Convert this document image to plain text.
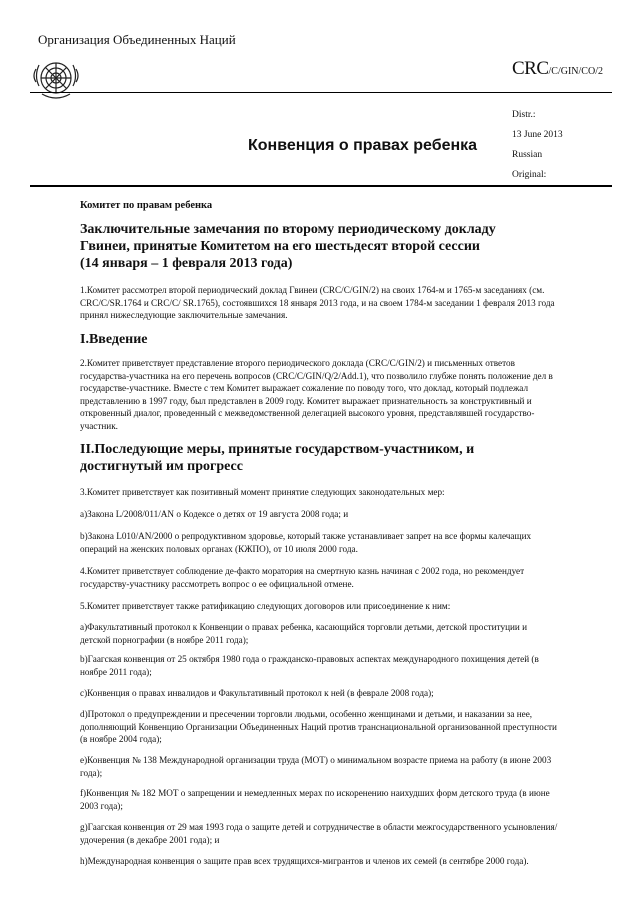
Организация Объединенных Наций
CRC/C/GIN/CO/2
Distr.:
13 June 2013
Russian
Original:
Конвенция о правах ребенка
Комитет по правам ребенка
Заключительные замечания по второму периодическому докладу
Гвинеи, принятые Комитетом на его шестьдесят второй сессии
(14 января – 1 февраля 2013 года)

1.Комитет рассмотрел второй периодический доклад Гвинеи (CRC/C/GIN/2) на своих 1764-м и 1765-м заседаниях (см. CRC/C/SR.1764 и CRC/C/ SR.1765), состоявшихся 18 января 2013 года, и на своем 1784-м заседании 1 февраля 2013 года принял нижеследующие заключительные замечания.

I.Введение

2.Комитет приветствует представление второго периодического доклада (CRC/C/GIN/2) и письменных ответов государства-участника на его перечень вопросов (CRC/C/GIN/Q/2/Add.1), что позволило глубже понять положение дел в государстве-участнике. Вместе с тем Комитет выражает сожаление по поводу того, что доклад, который подлежал представлению в 1997 году, был представлен в 2009 году. Комитет выражает признательность за конструктивный и откровенный диалог, проведенный с межведомственной делегацией высокого уровня, представлявшей государство-участник.

II.Последующие меры, принятые государством-участником, и
достигнутый им прогресс

3.Комитет приветствует как позитивный момент принятие следующих законодательных мер:

a)Закона L/2008/011/AN о Кодексе о детях от 19 августа 2008 года; и

b)Закона L010/AN/2000 о репродуктивном здоровье, который также устанавливает запрет на все формы калечащих операций на женских половых органах (КЖПО), от 10 июля 2000 года.

4.Комитет приветствует соблюдение де-факто моратория на смертную казнь начиная с 2002 года, но рекомендует государству-участнику рассмотреть вопрос о ее официальной отмене.

5.Комитет приветствует также ратификацию следующих договоров или присоединение к ним:

a)Факультативный протокол к Конвенции о правах ребенка, касающийся торговли детьми, детской проституции и детской порнографии (в ноябре 2011 года);

b)Гаагская конвенция от 25 октября 1980 года о гражданско-правовых аспектах международного похищения детей (в ноябре 2011 года);

c)Конвенция о правах инвалидов и Факультативный протокол к ней (в феврале 2008 года);

d)Протокол о предупреждении и пресечении торговли людьми, особенно женщинами и детьми, и наказании за нее, дополняющий Конвенцию Организации Объединенных Наций против транснациональной организованной преступности (в ноябре 2004 года);

e)Конвенция № 138 Международной организации труда (МОТ) о минимальном возрасте приема на работу (в июне 2003 года);

f)Конвенция № 182 МОТ о запрещении и немедленных мерах по искоренению наихудших форм детского труда (в июне 2003 года);

g)Гаагская конвенция от 29 мая 1993 года о защите детей и сотрудничестве в области межгосударственного усыновления/удочерения (в декабре 2001 года); и

h)Международная конвенция о защите прав всех трудящихся-мигрантов и членов их семей (в сентябре 2000 года).
